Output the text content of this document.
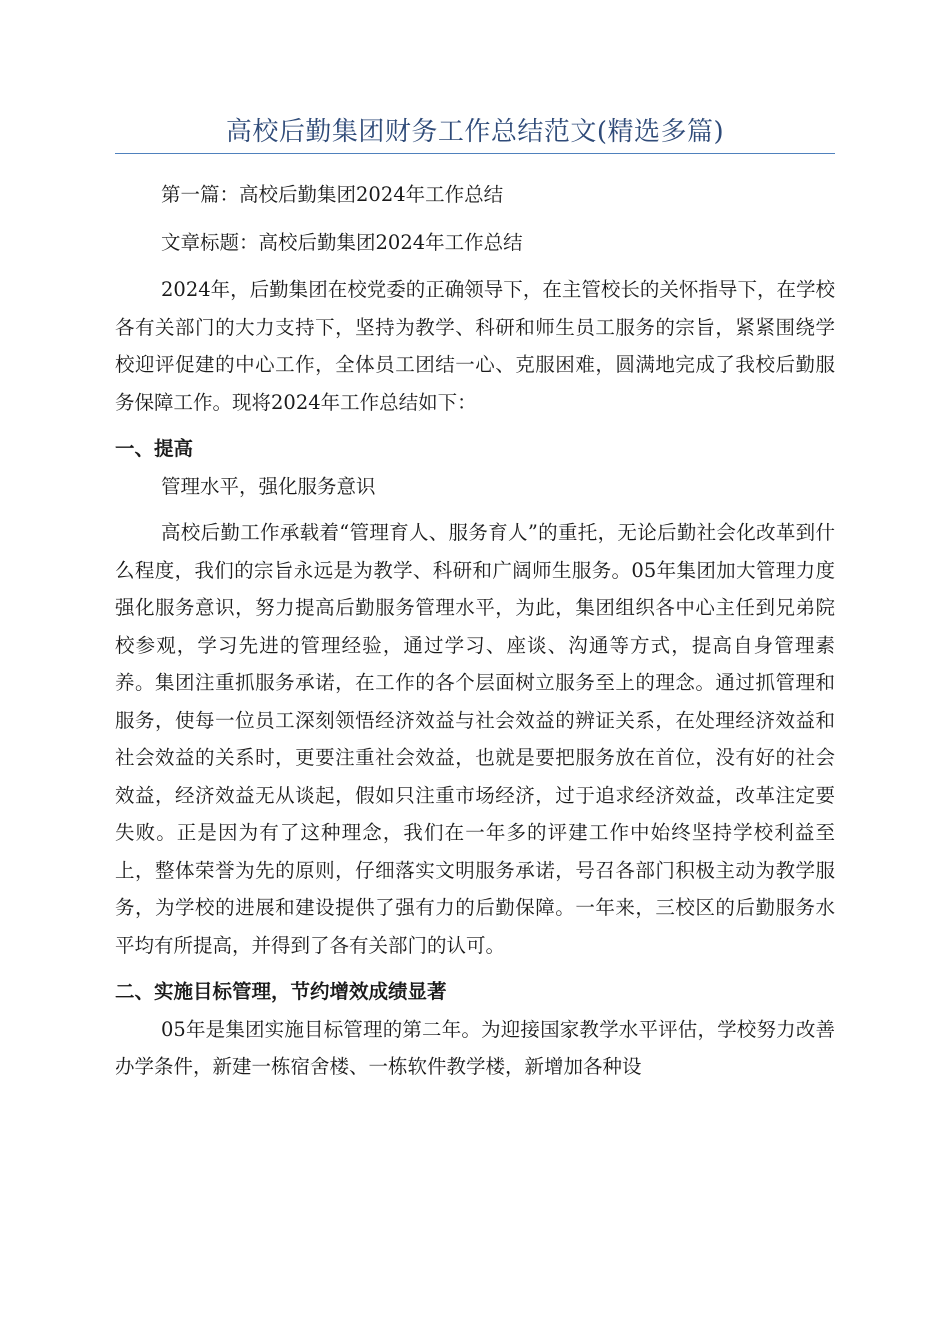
高校后勤集团财务工作总结范文(精选多篇)

第一篇：高校后勤集团2024年工作总结

文章标题：高校后勤集团2024年工作总结

2024年，后勤集团在校党委的正确领导下，在主管校长的关怀指导下，在学校各有关部门的大力支持下，坚持为教学、科研和师生员工服务的宗旨，紧紧围绕学校迎评促建的中心工作，全体员工团结一心、克服困难，圆满地完成了我校后勤服务保障工作。现将2024年工作总结如下：

一、提高

管理水平，强化服务意识

高校后勤工作承载着“管理育人、服务育人”的重托，无论后勤社会化改革到什么程度，我们的宗旨永远是为教学、科研和广阔师生服务。05年集团加大管理力度强化服务意识，努力提高后勤服务管理水平，为此，集团组织各中心主任到兄弟院校参观，学习先进的管理经验，通过学习、座谈、沟通等方式，提高自身管理素养。集团注重抓服务承诺，在工作的各个层面树立服务至上的理念。通过抓管理和服务，使每一位员工深刻领悟经济效益与社会效益的辨证关系，在处理经济效益和社会效益的关系时，更要注重社会效益，也就是要把服务放在首位，没有好的社会效益，经济效益无从谈起，假如只注重市场经济，过于追求经济效益，改革注定要失败。正是因为有了这种理念，我们在一年多的评建工作中始终坚持学校利益至上，整体荣誉为先的原则，仔细落实文明服务承诺，号召各部门积极主动为教学服务，为学校的进展和建设提供了强有力的后勤保障。一年来，三校区的后勤服务水平均有所提高，并得到了各有关部门的认可。

二、实施目标管理，节约增效成绩显著

05年是集团实施目标管理的第二年。为迎接国家教学水平评估，学校努力改善办学条件，新建一栋宿舍楼、一栋软件教学楼，新增加各种设
